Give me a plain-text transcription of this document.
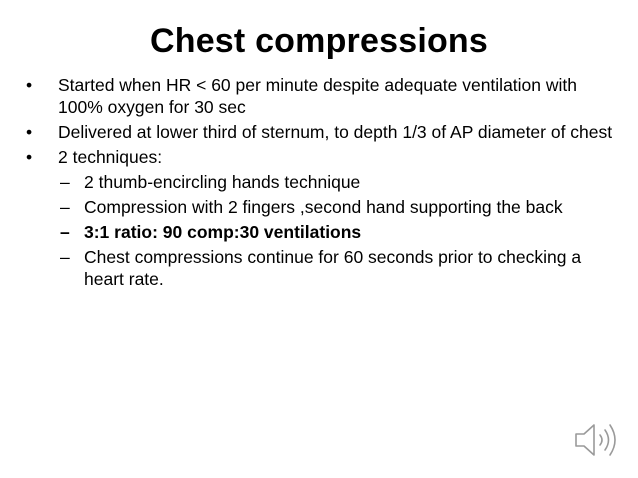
Chest compressions
• Started when HR < 60 per minute despite adequate ventilation with 100% oxygen for 30 sec
• Delivered at lower third of sternum, to depth 1/3 of AP diameter of chest
• 2 techniques:
– 2 thumb-encircling hands technique
– Compression with 2 fingers ,second hand supporting the back
– 3:1 ratio: 90 comp:30 ventilations
– Chest compressions continue for 60 seconds prior to checking a heart rate.
